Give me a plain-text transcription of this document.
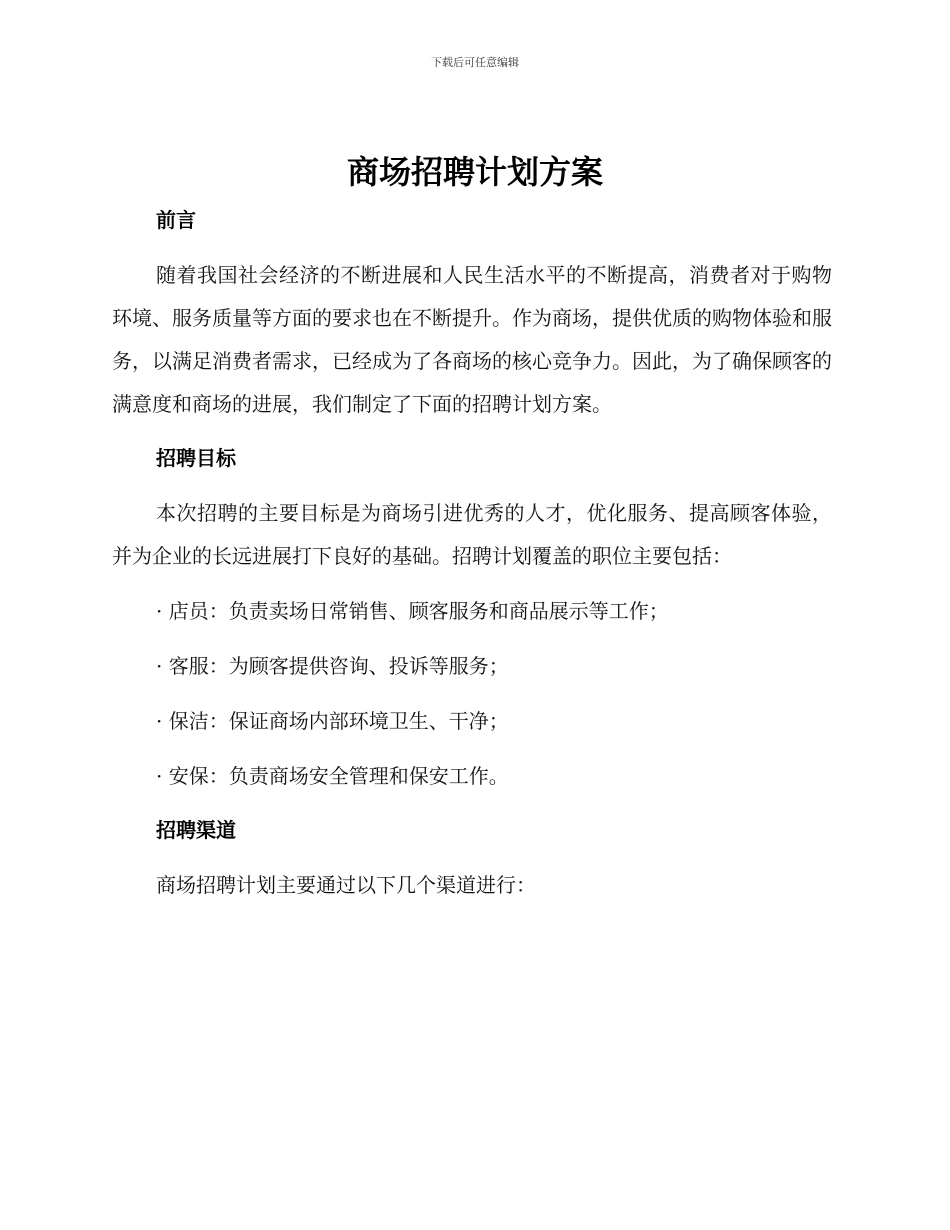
下载后可任意编辑
商场招聘计划方案
前言

随着我国社会经济的不断进展和人民生活水平的不断提高，消费者对于购物环境、服务质量等方面的要求也在不断提升。作为商场，提供优质的购物体验和服务，以满足消费者需求，已经成为了各商场的核心竞争力。因此，为了确保顾客的满意度和商场的进展，我们制定了下面的招聘计划方案。

招聘目标

本次招聘的主要目标是为商场引进优秀的人才，优化服务、提高顾客体验，并为企业的长远进展打下良好的基础。招聘计划覆盖的职位主要包括：

· 店员：负责卖场日常销售、顾客服务和商品展示等工作；

· 客服：为顾客提供咨询、投诉等服务；

· 保洁：保证商场内部环境卫生、干净；

· 安保：负责商场安全管理和保安工作。

招聘渠道

商场招聘计划主要通过以下几个渠道进行：
